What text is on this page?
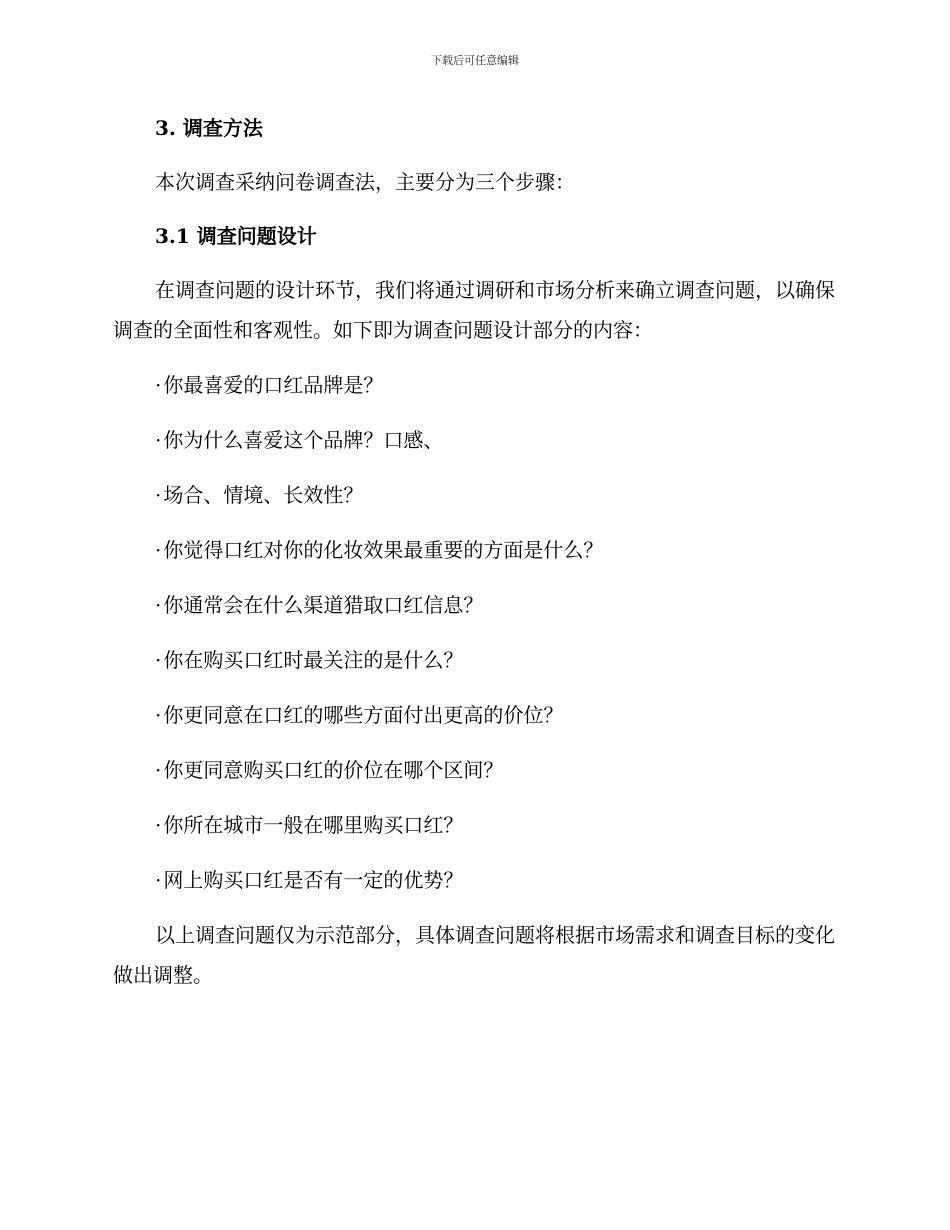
下载后可任意编辑
3. 调查方法

本次调查采纳问卷调查法，主要分为三个步骤：

3.1 调查问题设计

在调查问题的设计环节，我们将通过调研和市场分析来确立调查问题，以确保调查的全面性和客观性。如下即为调查问题设计部分的内容：

· 你最喜爱的口红品牌是？
· 你为什么喜爱这个品牌？口感、
· 场合、情境、长效性？
· 你觉得口红对你的化妆效果最重要的方面是什么？
· 你通常会在什么渠道猎取口红信息？
· 你在购买口红时最关注的是什么？
· 你更同意在口红的哪些方面付出更高的价位？
· 你更同意购买口红的价位在哪个区间？
· 你所在城市一般在哪里购买口红？
· 网上购买口红是否有一定的优势？

以上调查问题仅为示范部分，具体调查问题将根据市场需求和调查目标的变化做出调整。
